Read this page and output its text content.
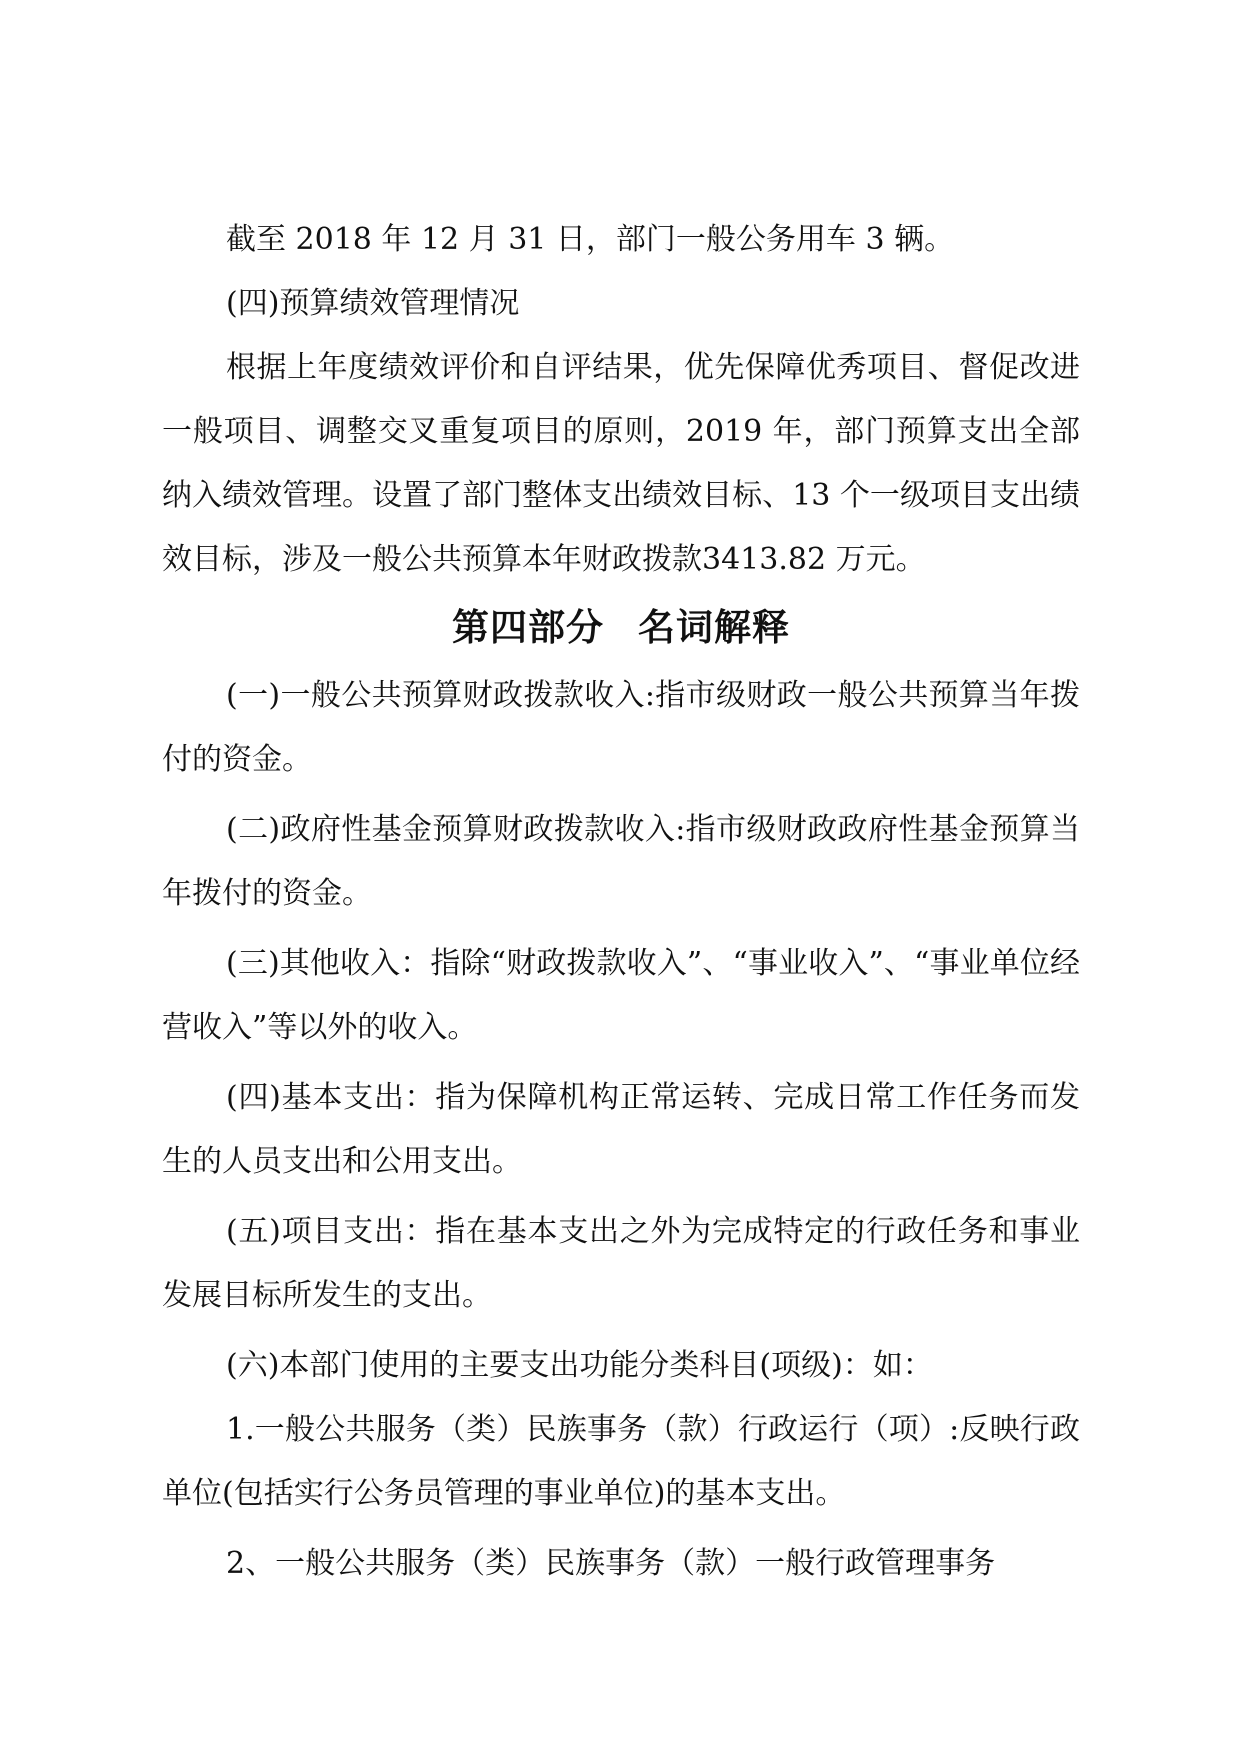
截至 2018 年 12 月 31 日，部门一般公务用车 3 辆。

(四)预算绩效管理情况

根据上年度绩效评价和自评结果，优先保障优秀项目、督促改进一般项目、调整交叉重复项目的原则，2019 年，部门预算支出全部纳入绩效管理。设置了部门整体支出绩效目标、13 个一级项目支出绩效目标，涉及一般公共预算本年财政拨款3413.82 万元。

第四部分 名词解释

(一)一般公共预算财政拨款收入:指市级财政一般公共预算当年拨付的资金。

(二)政府性基金预算财政拨款收入:指市级财政政府性基金预算当年拨付的资金。

(三)其他收入：指除“财政拨款收入”、“事业收入”、“事业单位经营收入”等以外的收入。

(四)基本支出：指为保障机构正常运转、完成日常工作任务而发生的人员支出和公用支出。

(五)项目支出：指在基本支出之外为完成特定的行政任务和事业发展目标所发生的支出。

(六)本部门使用的主要支出功能分类科目(项级)：如：

1.一般公共服务（类）民族事务（款）行政运行（项）:反映行政单位(包括实行公务员管理的事业单位)的基本支出。

2、一般公共服务（类）民族事务（款）一般行政管理事务
